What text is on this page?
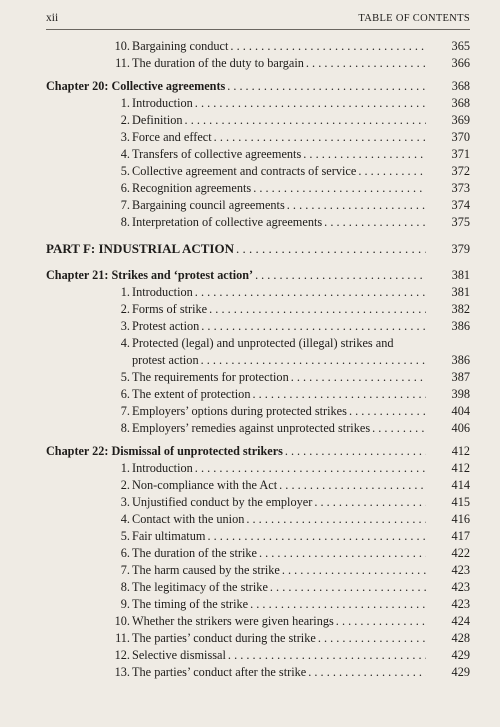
xii	TABLE OF CONTENTS
10. Bargaining conduct . . .	365
11. The duration of the duty to bargain . . .	366
Chapter 20: Collective agreements . . .	368
1. Introduction . . .	368
2. Definition . . .	369
3. Force and effect . . .	370
4. Transfers of collective agreements . . .	371
5. Collective agreement and contracts of service . . .	372
6. Recognition agreements . . .	373
7. Bargaining council agreements . . .	374
8. Interpretation of collective agreements . . .	375
PART F: INDUSTRIAL ACTION . . .	379
Chapter 21: Strikes and ‘protest action’ . . .	381
1. Introduction . . .	381
2. Forms of strike . . .	382
3. Protest action . . .	386
4. Protected (legal) and unprotected (illegal) strikes and
protest action . . .	386
5. The requirements for protection . . .	387
6. The extent of protection . . .	398
7. Employers’ options during protected strikes . . .	404
8. Employers’ remedies against unprotected strikes . . .	406
Chapter 22: Dismissal of unprotected strikers . . .	412
1. Introduction . . .	412
2. Non-compliance with the Act . . .	414
3. Unjustified conduct by the employer . . .	415
4. Contact with the union . . .	416
5. Fair ultimatum . . .	417
6. The duration of the strike . . .	422
7. The harm caused by the strike . . .	423
8. The legitimacy of the strike . . .	423
9. The timing of the strike . . .	423
10. Whether the strikers were given hearings . . .	424
11. The parties’ conduct during the strike . . .	428
12. Selective dismissal . . .	429
13. The parties’ conduct after the strike . . .	429
